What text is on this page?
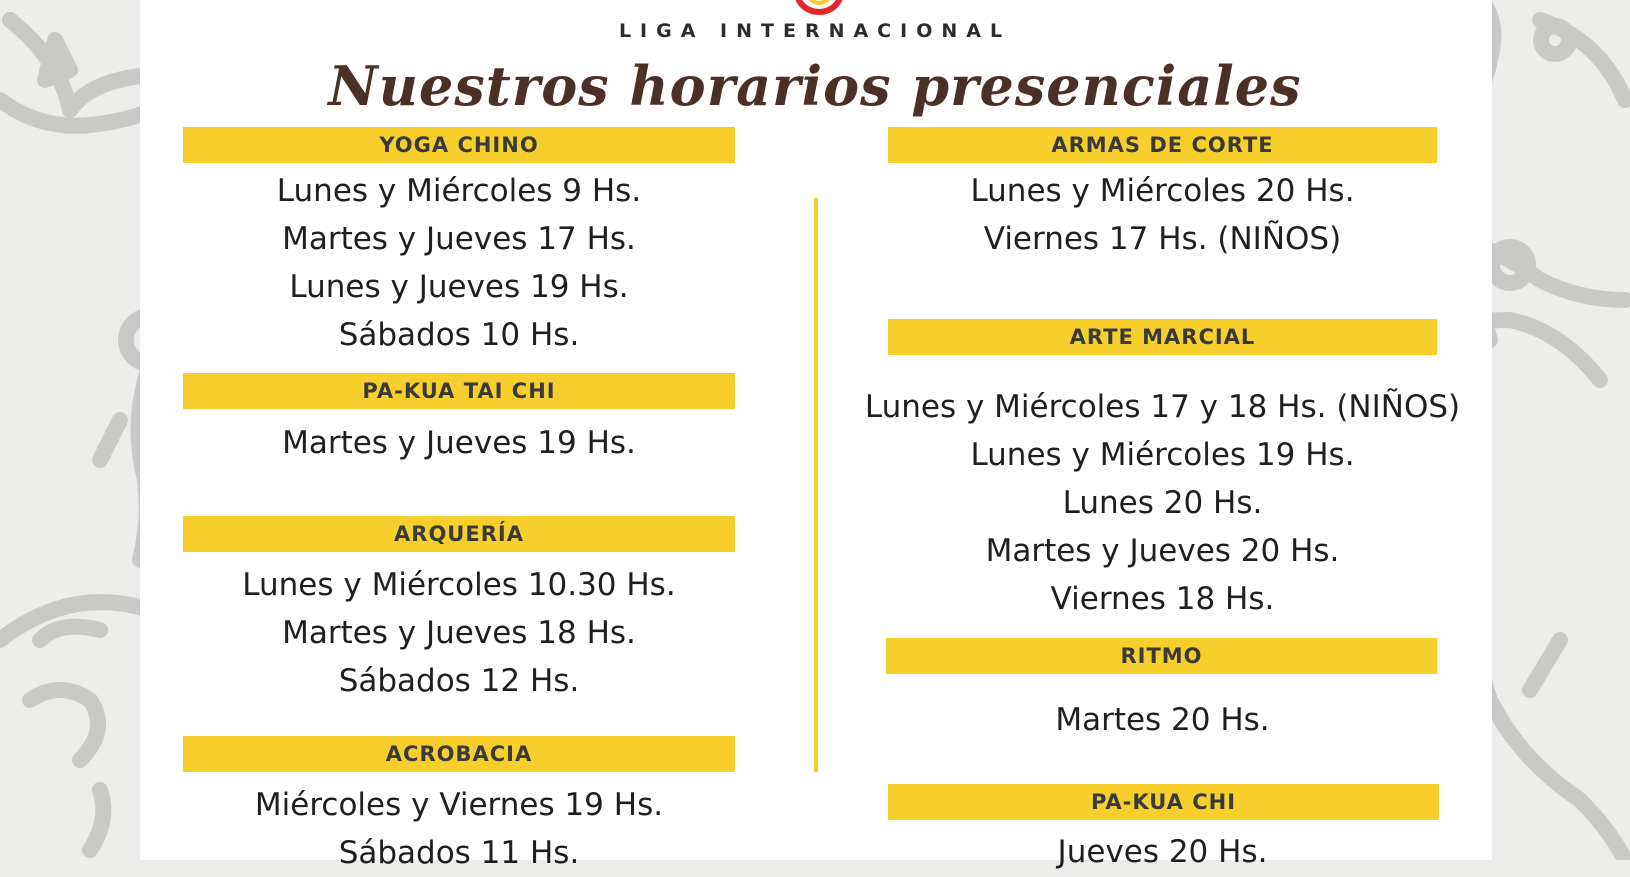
LIGA INTERNACIONAL
Nuestros horarios presenciales
YOGA CHINO
Lunes y Miércoles 9 Hs.
Martes y Jueves 17 Hs.
Lunes y Jueves 19 Hs.
Sábados 10 Hs.
PA-KUA TAI CHI
Martes y Jueves 19 Hs.
ARQUERÍA
Lunes y Miércoles 10.30 Hs.
Martes y Jueves 18 Hs.
Sábados 12 Hs.
ACROBACIA
Miércoles y Viernes 19 Hs.
Sábados 11 Hs.
ARMAS DE CORTE
Lunes y Miércoles 20 Hs.
Viernes 17 Hs. (NIÑOS)
ARTE MARCIAL
Lunes y Miércoles 17 y 18 Hs. (NIÑOS)
Lunes y Miércoles 19 Hs.
Lunes 20 Hs.
Martes y Jueves 20 Hs.
Viernes 18 Hs.
RITMO
Martes 20 Hs.
PA-KUA CHI
Jueves 20 Hs.
